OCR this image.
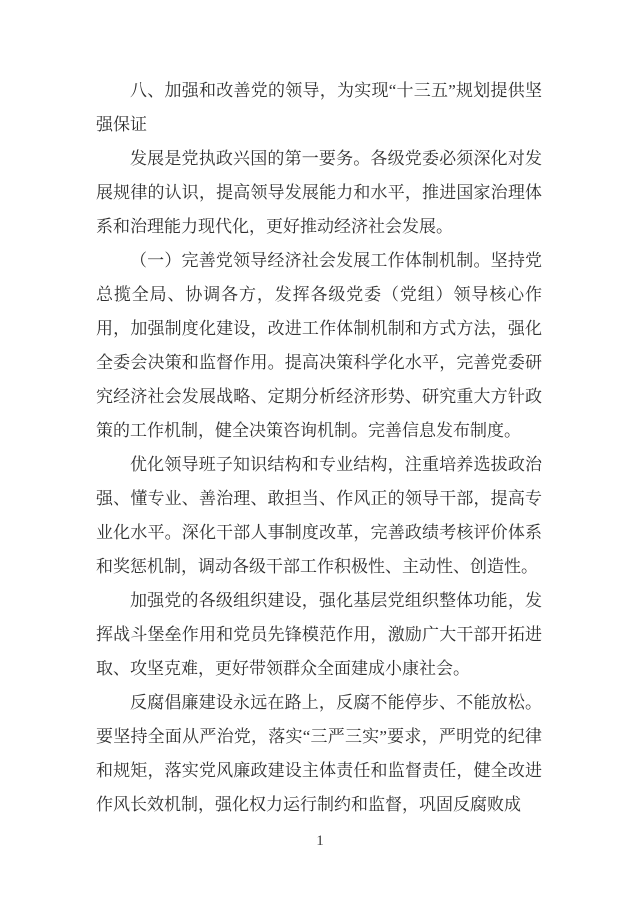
八、加强和改善党的领导，为实现“十三五”规划提供坚强保证

发展是党执政兴国的第一要务。各级党委必须深化对发展规律的认识，提高领导发展能力和水平，推进国家治理体系和治理能力现代化，更好推动经济社会发展。

（一）完善党领导经济社会发展工作体制机制。坚持党总揽全局、协调各方，发挥各级党委（党组）领导核心作用，加强制度化建设，改进工作体制机制和方式方法，强化全委会决策和监督作用。提高决策科学化水平，完善党委研究经济社会发展战略、定期分析经济形势、研究重大方针政策的工作机制，健全决策咨询机制。完善信息发布制度。

优化领导班子知识结构和专业结构，注重培养选拔政治强、懂专业、善治理、敢担当、作风正的领导干部，提高专业化水平。深化干部人事制度改革，完善政绩考核评价体系和奖惩机制，调动各级干部工作积极性、主动性、创造性。

加强党的各级组织建设，强化基层党组织整体功能，发挥战斗堡垒作用和党员先锋模范作用，激励广大干部开拓进取、攻坚克难，更好带领群众全面建成小康社会。

反腐倡廉建设永远在路上，反腐不能停步、不能放松。要坚持全面从严治党，落实“三严三实”要求，严明党的纪律和规矩，落实党风廉政建设主体责任和监督责任，健全改进作风长效机制，强化权力运行制约和监督，巩固反腐败成

1
